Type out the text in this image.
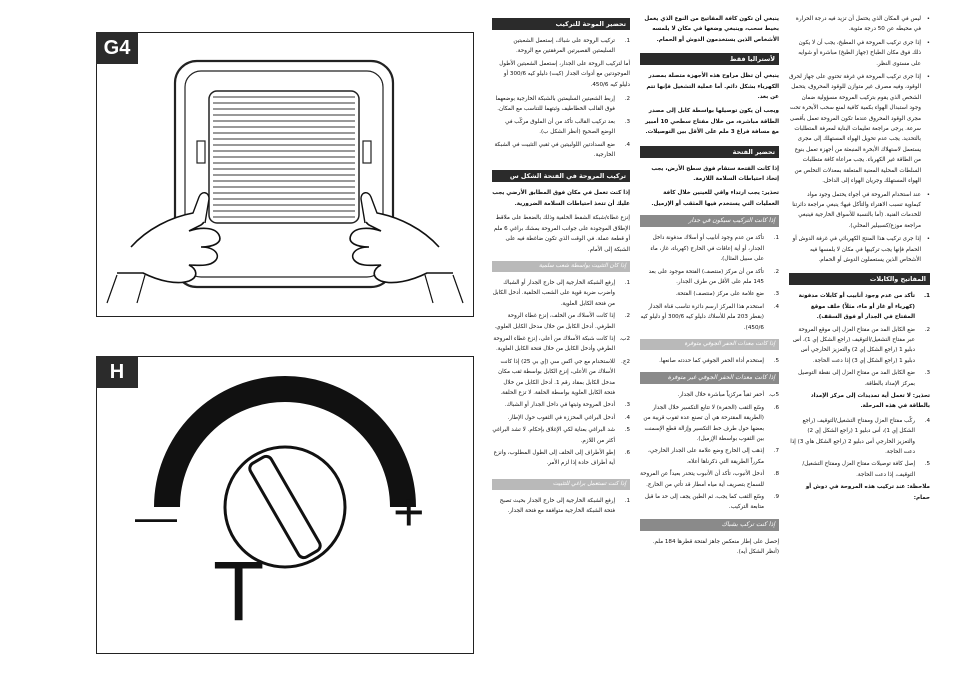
G4
H
—	+
T
تحضير الموحة للتركيب
1.
تركيب الروحة على شباك، إستعمل الشعبتين السليمتين القصيرتين المرفقتين مع الروحة.
أما لتركيب الروحة على الجدار، إستعمل الشعبتين الأطول الموجودتين مع أدوات الجدار (كيت) دليلو كيه 300/6 أو دليلو كيه 450/6.
2.
إربط الشعبتين السليمتين بالشبكة الخارجية بوضعهما فوق القالب الخطاطيف وثبتهما للتناسب مع المكان.
3.
بعد تركيب القالب تأكد من أن الملوق مركّب في الوضع الصحيح (أنظر الشكل ب).
4.
ضع السدادتين اللولبيتين في ثقبي التثبيت في الشبكة الخارجية.
تركيب المروحة في الفتحة الشكل س
إذا كنت تعمل في مكان فوق المطابق الأرضي يجب عليك أن تتخذ احتياطات السلامة الضرورية.
إنزع غطاء/شبكة الشفط الخلفية وذلك بالضغط على ملاقط الإطلاق الموجودة على جوانب المروحة بمشك براغي 6 ملم أو قطعة عملة. في الوقت الذي تكون ضاغطة فيه على الشبكة إلى الأمام.
إذا كان التثبيت بواسطة شعب سلمية
1.
إرفع الشبكة الخارجية إلى خارج الجدار أو الشباك واضرب ضربة قوية على الشعب الخلفية. أدخل الكابل من فتحة الكابل العلوية.
2.
إذا كانت الأسلاك من الخلف، إنزع غطاء الروحة الطرفي. أدخل الكابل من خلال مدخل الكابل العلوي.
2ب.
إذا كانت شبكة الأسلاك من أعلى، إنزع غطاء المروحة الطرفي وأدخل الكابل من خلال فتحة الكابل العلوية.
2ج.
للاستخدام مع جي اكس سي (إي بي 25) إذا كانت الأسلاك من الأعلى، إنزع الكابل بواسطة ثقب مكان مدخل الكابل بمقاد رقم 1. أدخل الكابل من خلال فتحة الكابل العلوية بواسطة الحلقة. لا تزع الحلقة.
3.
أدخل المروحة وثبتها في داخل الجدار أو الشباك.
4.
أدخل البراغي المحززة في الثقوب حول الإطار.
5.
شد البراغي بعناية لكي الإغلاق بإحكام. لا تشد البراغي أكثر من اللازم.
6.
إطو الأطراف إلى الخلف إلى الطول المطلوب، وانزع أية أطراف حادة إذا لزم الأمر.
إذا كنت تستعمل براغي للتثبيت
1.
إرفع الشبكة الخارجية إلى خارج الجدار بحيث تصبح فتحة الشبكة الخارجية متوافقة مع فتحة الجدار.
ينبغي أن تكون كافة المفاتيح من النوع الذي يعمل بخيط سحب، وينبغي وضعها في مكان لا يلمسه الأشخاص الذين يستخدمون الدوش أو الحمام.
لأستراليا فقط
ينبغي أن تظل مراوح هذه الأجهزة متصلة بمصدر الكهرباء بشكل دائم. أما عملية التشغيل فإنها تتم عن بعد.
ويجب أن يكون توصيلها بواسطة كابل إلى مصدر الطاقة مباشرة، من خلال مفتاح سطحي 10 أمبير مع مسافة فراغ 3 ملم على الأقل بين التوصيلات.
تحضير الفتحة
إذا كانت الفتحة ستقام فوق سطح الأرض، يجب إتخاذ احتياطات السلامة اللازمة.
تحذير: يجب ارتداء واقي للعينين خلال كافة العمليات التي يستخدم فيها المثقب أو الإزميل.
إذا كانت التركيب سيكون في جدار
1.
تأكد من عدم وجود أنابيب أو أسلاك مدفونة داخل الجدار، أو أية إعاقات في الخارج (كهرباء، غاز، ماء على سبيل المثال).
2.
تأكد من أن مركز (منتصف) الفتحة موجود على بعد 145 ملم على الأقل من طرف الجدار.
3.
ضع علامة على مركز (منتصف) الفتحة.
4.
استخدم هذا المركز ارسم دائرة تناسب قناة الجدار (بقطر 203 ملم للأسلاك دليلو كيه 300/6 أو دليلو كيه 450/6).
إذا كانت معدات الحفر الجوفي متوفرة
5.
إستخدم أداة الحفر الجوفي كما حددته صانعها.
إذا كانت معدات الحفر الجوفي غير متوفرة
5ب.
أحفر ثقباً مركزياً مباشرة خلال الجدار.
6.
وسّع الثقب (الحفرة) لا تتابع التكسير خلال الجدار (الطريقة المقترحة هي أن تصنع عدة ثقوب قريبة من بعضها حول طرف خط التكسير وإزالة قطع الإسمنت بين الثقوب بواسطة الإزميل).
7.
إذهب إلى الخارج وضع علامة على الجدار الخارجي، مكرراً الطريقة التي ذكرناها أعلاه.
8.
أدخل الأنبوب، تأكد أن الأنبوب يتحدر بعيداً عن المروحة للسماح بتصريف أية مياه أمطار قد تأتي من الخارج.
9.
وسّع الثقب كما يجب، ثم الطين يجف إلى حد ما قبل متابعة التركيب.
إذا كنت تركب بشباك
إحصل على إطار منعكس جاهز لفتحة قطرها 184 ملم. (أنظر الشكل أيه).
•
ليس في المكان الذي يحتمل أن تزيد فيه درجة الحرارة في محيطه عن 50 درجة مئوية.
•
إذا جرى تركيب المروحة في المطبخ، يجب أن لا يكون ذلك فوق مكان الطباخ (جهاز الطبخ) مباشرة أو شوايه على مستوى النظر.
•
إذا جرى تركيب المروحة في غرفة تحتوي على جهاز لحرق الوقود، وفيه مصرف غير متوازن للوقود المحروق، يتحمل الشخص الذي يقوم بتركيب المروحة مسؤولية ضمان وجود استبدال الهواء بكمية كافية لمنع سحب الأبخرة تحت مجرى الوقود المحروق عندما تكون المروحة تعمل بأقصى سرعة. يرجى مراجعة تعليمات البناية لمعرفة المتطلبات بالتحديد. يجب عدم تحويل الهواء المستهلك إلى مجرى يستعمل لاستهلاك الأبخرة المنبعثة من أجهزة تعمل بنوع من الطاقة غير الكهرباء. يجب مراعاة كافة متطلبات السلطات المحلية المعنية المتعلقة بمعدلات التخلص من الهواء المستهلك وجريان الهواء إلى الداخل.
•
عند استخدام المروحة في أجواء يحتمل وجود مواد كيماوية تسبب الاهتراء والتآكل فيها؛ ينبغي مراجعة دائرتنا للخدمات الفنية. (أما بالنسبة للأسواق الخارجية فينبغي مراجعة موزع/كسبيلير المحلي).
•
إذا جرى تركيب هذا المنتج الكهربائي في غرفة الدوش أو الحمام فإنها يجب تركيبها في مكان لا يلمسها فيه الأشخاص الذين يستعملون الدوش أو الحمام.
المفاتيح والكابلات
1.
تأكد من عدم وجود أنابيب أو كابلات مدفونة (كهرباء أو غاز أو ماء، مثلاً) خلف موقع المفتاح في الجدار أو فوق السقف).
2.
ضع الكابل المد من مفتاح العزل إلى موقع المروحة عبر مفتاح التشغيل/التوقيف (راجع الشكل إي 1)، أس دبليو 1 (راجع الشكل إي 2) والتعزيز الخارجي أس دبليو 1 (راجع الشكل إي 3) إذا دعت الحاجة.
3.
ضع الكابل المد من مفتاح العزل إلى نقطة التوصيل بمركز الإمداد بالطاقة.
تحذير: لا تعمل أية تمديدات إلى مركز الإمداد بالطاقة في هذه المرحلة.
4.
ركّب مفتاح العزل ومفتاح التشغيل/التوقيف (راجع الشكل إي 1)، أس دبليو 1 (راجع الشكل إي 2) والتعزيز الخارجي أس دبليو 2 (راجع الشكل هاي 3) إذا دعت الحاجة.
5.
إصل كافة توصيلات مفتاح العزل ومفتاح التشغيل/التوقيف، إذا دعت الحاجة.
ملاحظة: عند تركيب هذه المروحة في دوش أو حمام:
